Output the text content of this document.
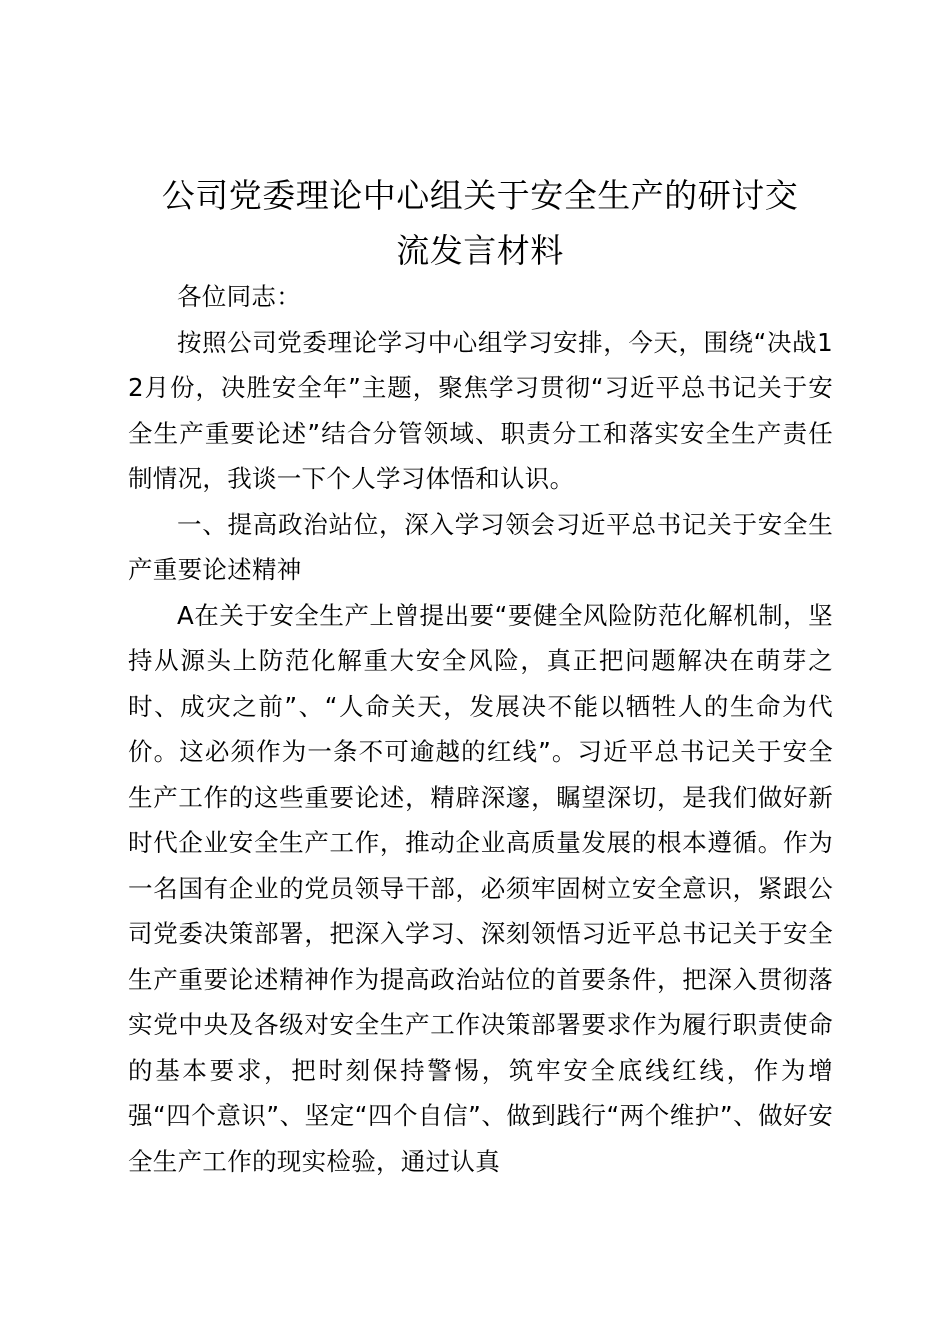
公司党委理论中心组关于安全生产的研讨交
流发言材料

各位同志：

按照公司党委理论学习中心组学习安排，今天，围绕“决战12月份，决胜安全年”主题，聚焦学习贯彻“习近平总书记关于安全生产重要论述”结合分管领域、职责分工和落实安全生产责任制情况，我谈一下个人学习体悟和认识。

一、提高政治站位，深入学习领会习近平总书记关于安全生产重要论述精神

A在关于安全生产上曾提出要“要健全风险防范化解机制，坚持从源头上防范化解重大安全风险，真正把问题解决在萌芽之时、成灾之前”、“人命关天，发展决不能以牺牲人的生命为代价。这必须作为一条不可逾越的红线”。习近平总书记关于安全生产工作的这些重要论述，精辟深邃，瞩望深切，是我们做好新时代企业安全生产工作，推动企业高质量发展的根本遵循。作为一名国有企业的党员领导干部，必须牢固树立安全意识，紧跟公司党委决策部署，把深入学习、深刻领悟习近平总书记关于安全生产重要论述精神作为提高政治站位的首要条件，把深入贯彻落实党中央及各级对安全生产工作决策部署要求作为履行职责使命的基本要求，把时刻保持警惕，筑牢安全底线红线，作为增强“四个意识”、坚定“四个自信”、做到践行“两个维护”、做好安全生产工作的现实检验，通过认真
